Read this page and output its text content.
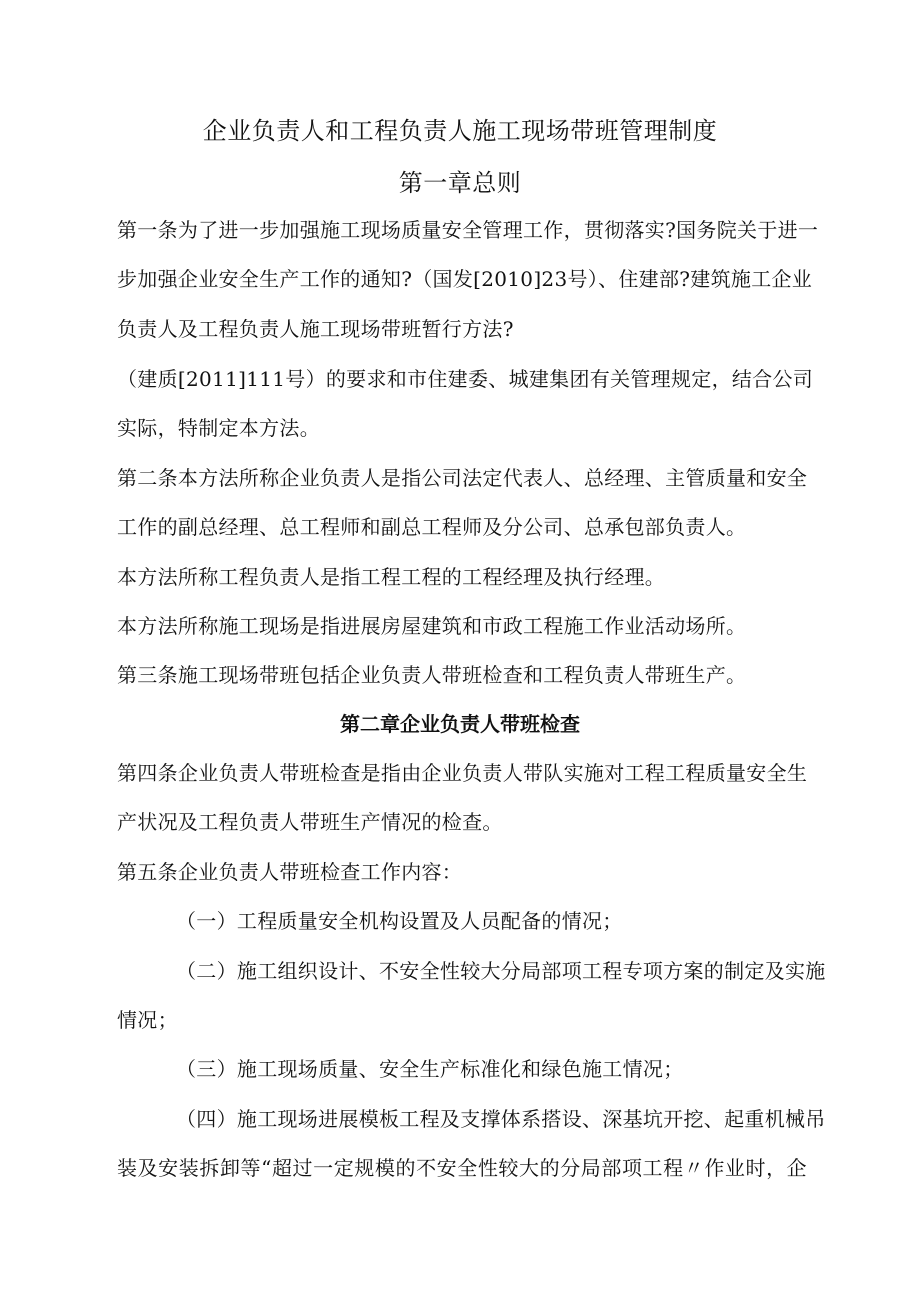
企业负责人和工程负责人施工现场带班管理制度
第一章总则
第一条为了进一步加强施工现场质量安全管理工作，贯彻落实?国务院关于进一
步加强企业安全生产工作的通知?（国发[2010]23号）、住建部?建筑施工企业
负责人及工程负责人施工现场带班暂行方法?
（建质[2011]111号）的要求和市住建委、城建集团有关管理规定，结合公司
实际，特制定本方法。
第二条本方法所称企业负责人是指公司法定代表人、总经理、主管质量和安全
工作的副总经理、总工程师和副总工程师及分公司、总承包部负责人。
本方法所称工程负责人是指工程工程的工程经理及执行经理。
本方法所称施工现场是指进展房屋建筑和市政工程施工作业活动场所。
第三条施工现场带班包括企业负责人带班检查和工程负责人带班生产。
第二章企业负责人带班检查
第四条企业负责人带班检查是指由企业负责人带队实施对工程工程质量安全生
产状况及工程负责人带班生产情况的检查。
第五条企业负责人带班检查工作内容：
（一）工程质量安全机构设置及人员配备的情况；
（二）施工组织设计、不安全性较大分局部项工程专项方案的制定及实施
情况；
（三）施工现场质量、安全生产标准化和绿色施工情况；
（四）施工现场进展模板工程及支撑体系搭设、深基坑开挖、起重机械吊
装及安装拆卸等“超过一定规模的不安全性较大的分局部项工程〃作业时，企
